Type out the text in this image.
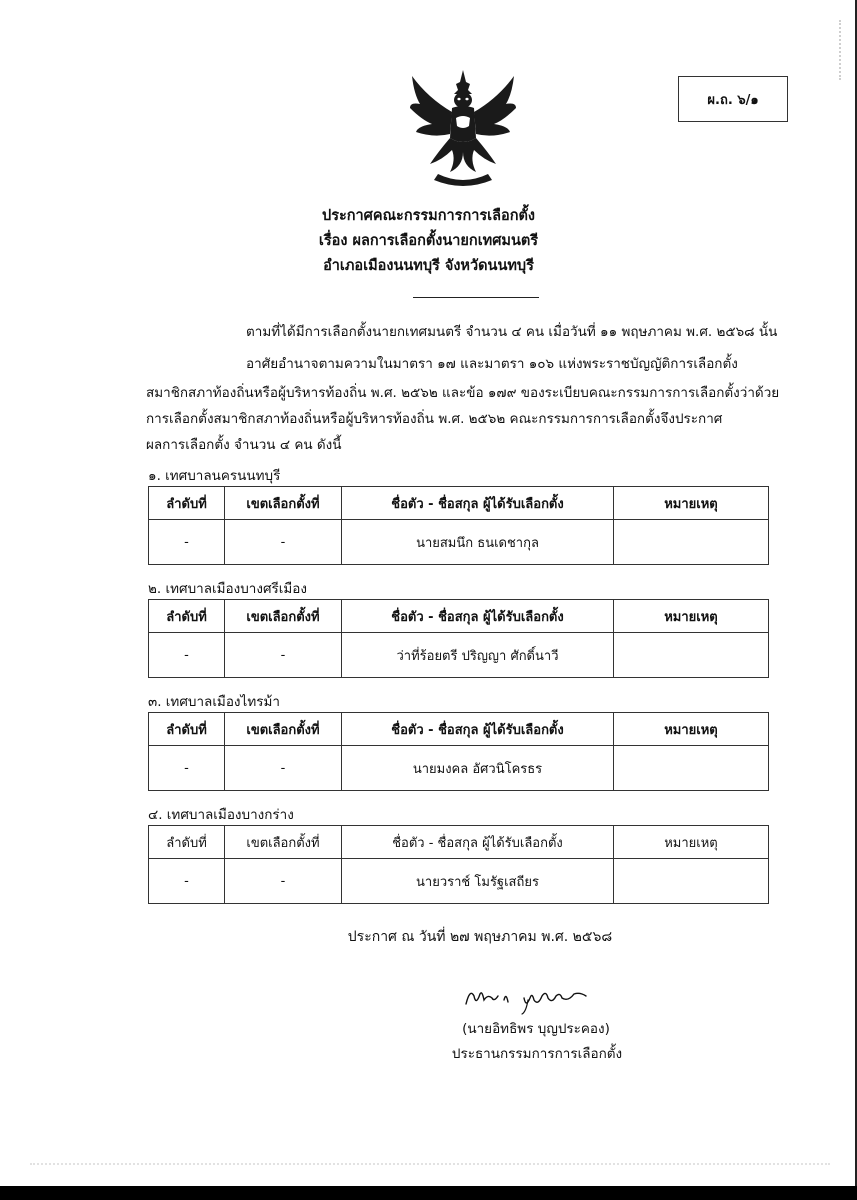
ผ.ถ. ๖/๑
ประกาศคณะกรรมการการเลือกตั้ง
เรื่อง ผลการเลือกตั้งนายกเทศมนตรี
อำเภอเมืองนนทบุรี จังหวัดนนทบุรี
ตามที่ได้มีการเลือกตั้งนายกเทศมนตรี จำนวน ๔ คน เมื่อวันที่ ๑๑ พฤษภาคม พ.ศ. ๒๕๖๘ นั้น
อาศัยอำนาจตามความในมาตรา ๑๗ และมาตรา ๑๐๖ แห่งพระราชบัญญัติการเลือกตั้ง
สมาชิกสภาท้องถิ่นหรือผู้บริหารท้องถิ่น พ.ศ. ๒๕๖๒ และข้อ ๑๗๙ ของระเบียบคณะกรรมการการเลือกตั้งว่าด้วย
การเลือกตั้งสมาชิกสภาท้องถิ่นหรือผู้บริหารท้องถิ่น พ.ศ. ๒๕๖๒ คณะกรรมการการเลือกตั้งจึงประกาศ
ผลการเลือกตั้ง จำนวน ๔ คน ดังนี้
๑. เทศบาลนครนนทบุรี
ลำดับที่	เขตเลือกตั้งที่	ชื่อตัว - ชื่อสกุล ผู้ได้รับเลือกตั้ง	หมายเหตุ
-	-	นายสมนึก ธนเดชากุล	
๒. เทศบาลเมืองบางศรีเมือง
ลำดับที่	เขตเลือกตั้งที่	ชื่อตัว - ชื่อสกุล ผู้ได้รับเลือกตั้ง	หมายเหตุ
-	-	ว่าที่ร้อยตรี ปริญญา ศักดิ์นาวี	
๓. เทศบาลเมืองไทรม้า
ลำดับที่	เขตเลือกตั้งที่	ชื่อตัว - ชื่อสกุล ผู้ได้รับเลือกตั้ง	หมายเหตุ
-	-	นายมงคล อัศวนิโครธร	
๔. เทศบาลเมืองบางกร่าง
ลำดับที่	เขตเลือกตั้งที่	ชื่อตัว - ชื่อสกุล ผู้ได้รับเลือกตั้ง	หมายเหตุ
-	-	นายวราช์ โมรัฐเสถียร	
ประกาศ ณ วันที่ ๒๗ พฤษภาคม พ.ศ. ๒๕๖๘
(นายอิทธิพร บุญประคอง)
ประธานกรรมการการเลือกตั้ง
